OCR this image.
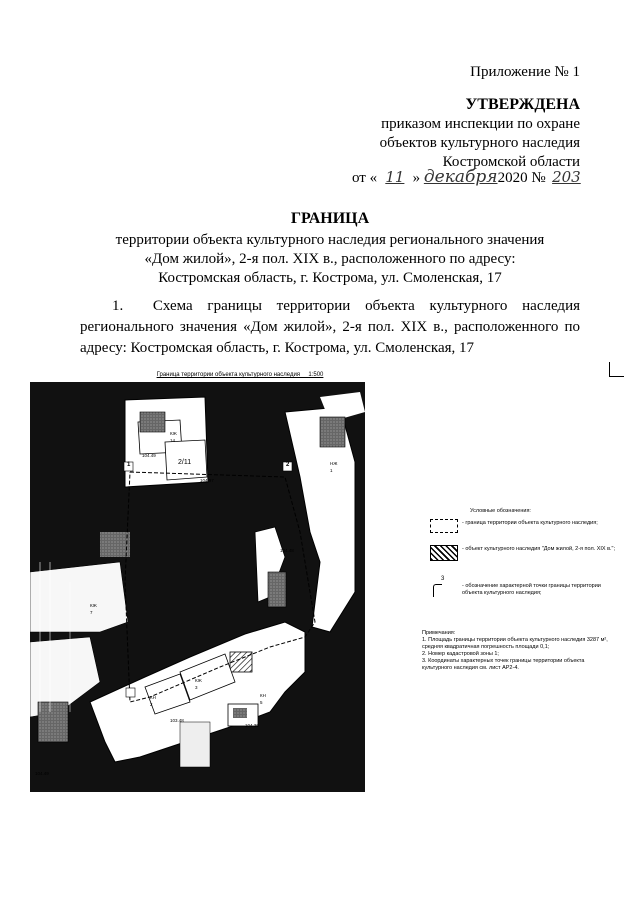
Приложение № 1
УТВЕРЖДЕНА
приказом инспекции по охране
объектов культурного наследия
Костромской области
от « 11 » декабря 2020 № 203
ГРАНИЦА
территории объекта культурного наследия регионального значения
«Дом жилой», 2-я пол. XIX в., расположенного по адресу:
Костромская область, г. Кострома, ул. Смоленская, 17
1. Схема границы территории объекта культурного наследия регионального значения «Дом жилой», 2-я пол. XIX в., расположенного по адресу: Костромская область, г. Кострома, ул. Смоленская, 17
Граница территории объекта культурного наследия     1:500
1	2
2/11
КЖ 14
104.49
104.97
НЖ 1
104.48
КН 2
КЖ 3
103.48
104.49
КН 5
104.36
КЖ 7
Условные обозначения:
- граница территории объекта культурного наследия;
- объект культурного наследия "Дом жилой, 2-я пол. XIX в.";
3
- обозначение характерной точки границы территории объекта культурного наследия;
Примечания:
1. Площадь границы территории объекта культурного наследия 3287 м², средняя квадратичная погрешность площади 0,1;
2. Номер кадастровой зоны 1;
3. Координаты характерных точек границы территории объекта культурного наследия см. лист АР2-4.
